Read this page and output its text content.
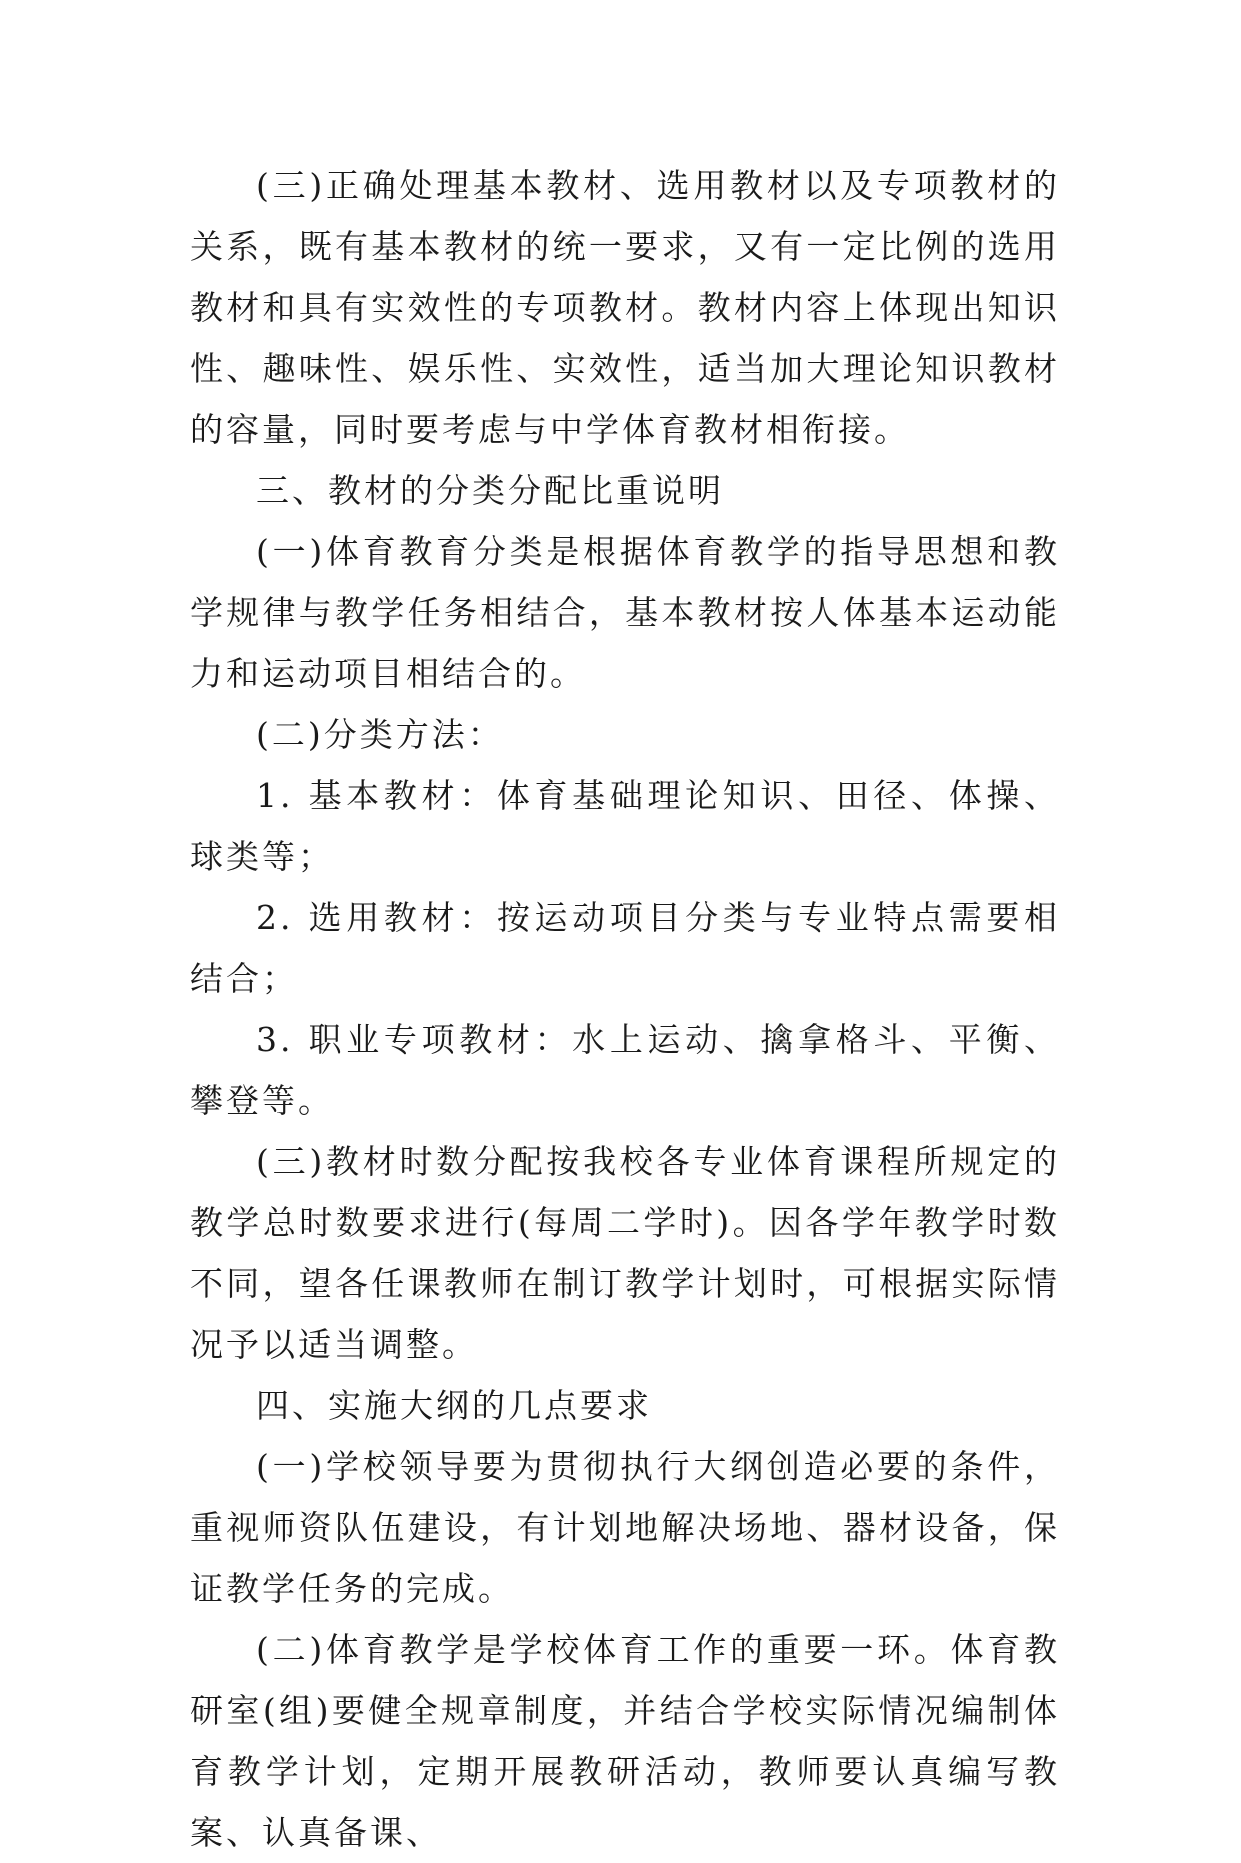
(三)正确处理基本教材、选用教材以及专项教材的关系，既有基本教材的统一要求，又有一定比例的选用教材和具有实效性的专项教材。教材内容上体现出知识性、趣味性、娱乐性、实效性，适当加大理论知识教材的容量，同时要考虑与中学体育教材相衔接。

三、教材的分类分配比重说明

(一)体育教育分类是根据体育教学的指导思想和教学规律与教学任务相结合，基本教材按人体基本运动能力和运动项目相结合的。

(二)分类方法：

1. 基本教材：体育基础理论知识、田径、体操、球类等；

2. 选用教材：按运动项目分类与专业特点需要相结合；

3. 职业专项教材：水上运动、擒拿格斗、平衡、攀登等。

(三)教材时数分配按我校各专业体育课程所规定的教学总时数要求进行(每周二学时)。因各学年教学时数不同，望各任课教师在制订教学计划时，可根据实际情况予以适当调整。

四、实施大纲的几点要求

(一)学校领导要为贯彻执行大纲创造必要的条件，重视师资队伍建设，有计划地解决场地、器材设备，保证教学任务的完成。

(二)体育教学是学校体育工作的重要一环。体育教研室(组)要健全规章制度，并结合学校实际情况编制体育教学计划，定期开展教研活动，教师要认真编写教案、认真备课、
